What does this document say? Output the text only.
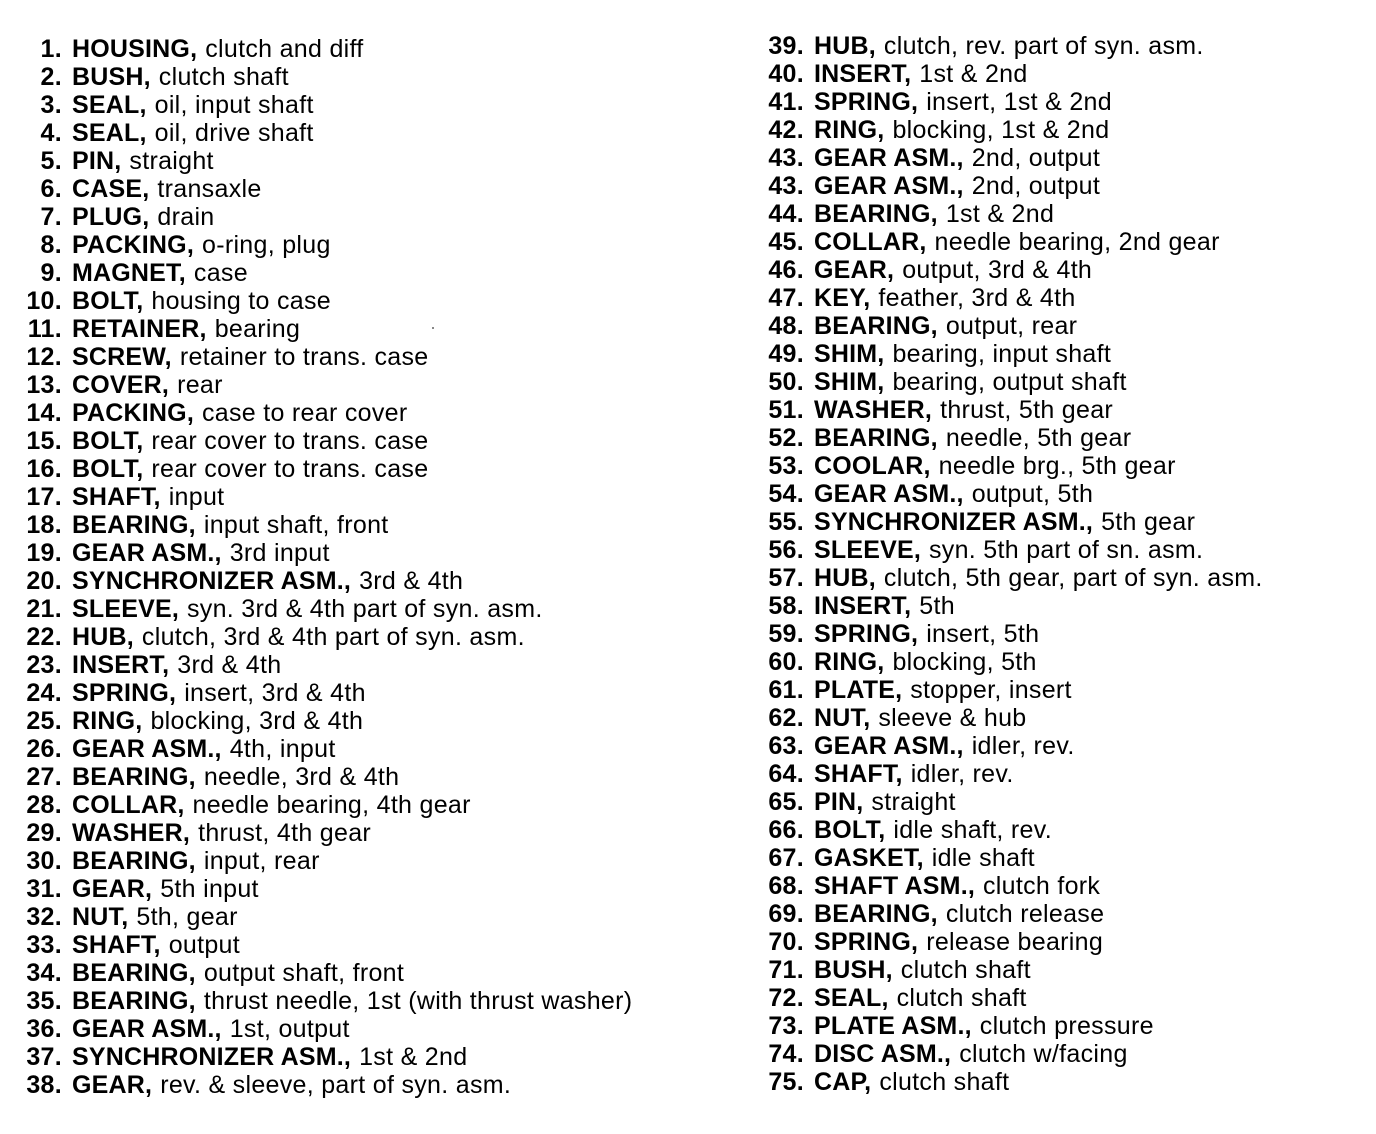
1. HOUSING, clutch and diff
2. BUSH, clutch shaft
3. SEAL, oil, input shaft
4. SEAL, oil, drive shaft
5. PIN, straight
6. CASE, transaxle
7. PLUG, drain
8. PACKING, o-ring, plug
9. MAGNET, case
10. BOLT, housing to case
11. RETAINER, bearing
12. SCREW, retainer to trans. case
13. COVER, rear
14. PACKING, case to rear cover
15. BOLT, rear cover to trans. case
16. BOLT, rear cover to trans. case
17. SHAFT, input
18. BEARING, input shaft, front
19. GEAR ASM., 3rd input
20. SYNCHRONIZER ASM., 3rd & 4th
21. SLEEVE, syn. 3rd & 4th part of syn. asm.
22. HUB, clutch, 3rd & 4th part of syn. asm.
23. INSERT, 3rd & 4th
24. SPRING, insert, 3rd & 4th
25. RING, blocking, 3rd & 4th
26. GEAR ASM., 4th, input
27. BEARING, needle, 3rd & 4th
28. COLLAR, needle bearing, 4th gear
29. WASHER, thrust, 4th gear
30. BEARING, input, rear
31. GEAR, 5th input
32. NUT, 5th, gear
33. SHAFT, output
34. BEARING, output shaft, front
35. BEARING, thrust needle, 1st (with thrust washer)
36. GEAR ASM., 1st, output
37. SYNCHRONIZER ASM., 1st & 2nd
38. GEAR, rev. & sleeve, part of syn. asm.
39. HUB, clutch, rev. part of syn. asm.
40. INSERT, 1st & 2nd
41. SPRING, insert, 1st & 2nd
42. RING, blocking, 1st & 2nd
43. GEAR ASM., 2nd, output
43. GEAR ASM., 2nd, output
44. BEARING, 1st & 2nd
45. COLLAR, needle bearing, 2nd gear
46. GEAR, output, 3rd & 4th
47. KEY, feather, 3rd & 4th
48. BEARING, output, rear
49. SHIM, bearing, input shaft
50. SHIM, bearing, output shaft
51. WASHER, thrust, 5th gear
52. BEARING, needle, 5th gear
53. COOLAR, needle brg., 5th gear
54. GEAR ASM., output, 5th
55. SYNCHRONIZER ASM., 5th gear
56. SLEEVE, syn. 5th part of sn. asm.
57. HUB, clutch, 5th gear, part of syn. asm.
58. INSERT, 5th
59. SPRING, insert, 5th
60. RING, blocking, 5th
61. PLATE, stopper, insert
62. NUT, sleeve & hub
63. GEAR ASM., idler, rev.
64. SHAFT, idler, rev.
65. PIN, straight
66. BOLT, idle shaft, rev.
67. GASKET, idle shaft
68. SHAFT ASM., clutch fork
69. BEARING, clutch release
70. SPRING, release bearing
71. BUSH, clutch shaft
72. SEAL, clutch shaft
73. PLATE ASM., clutch pressure
74. DISC ASM., clutch w/facing
75. CAP, clutch shaft
